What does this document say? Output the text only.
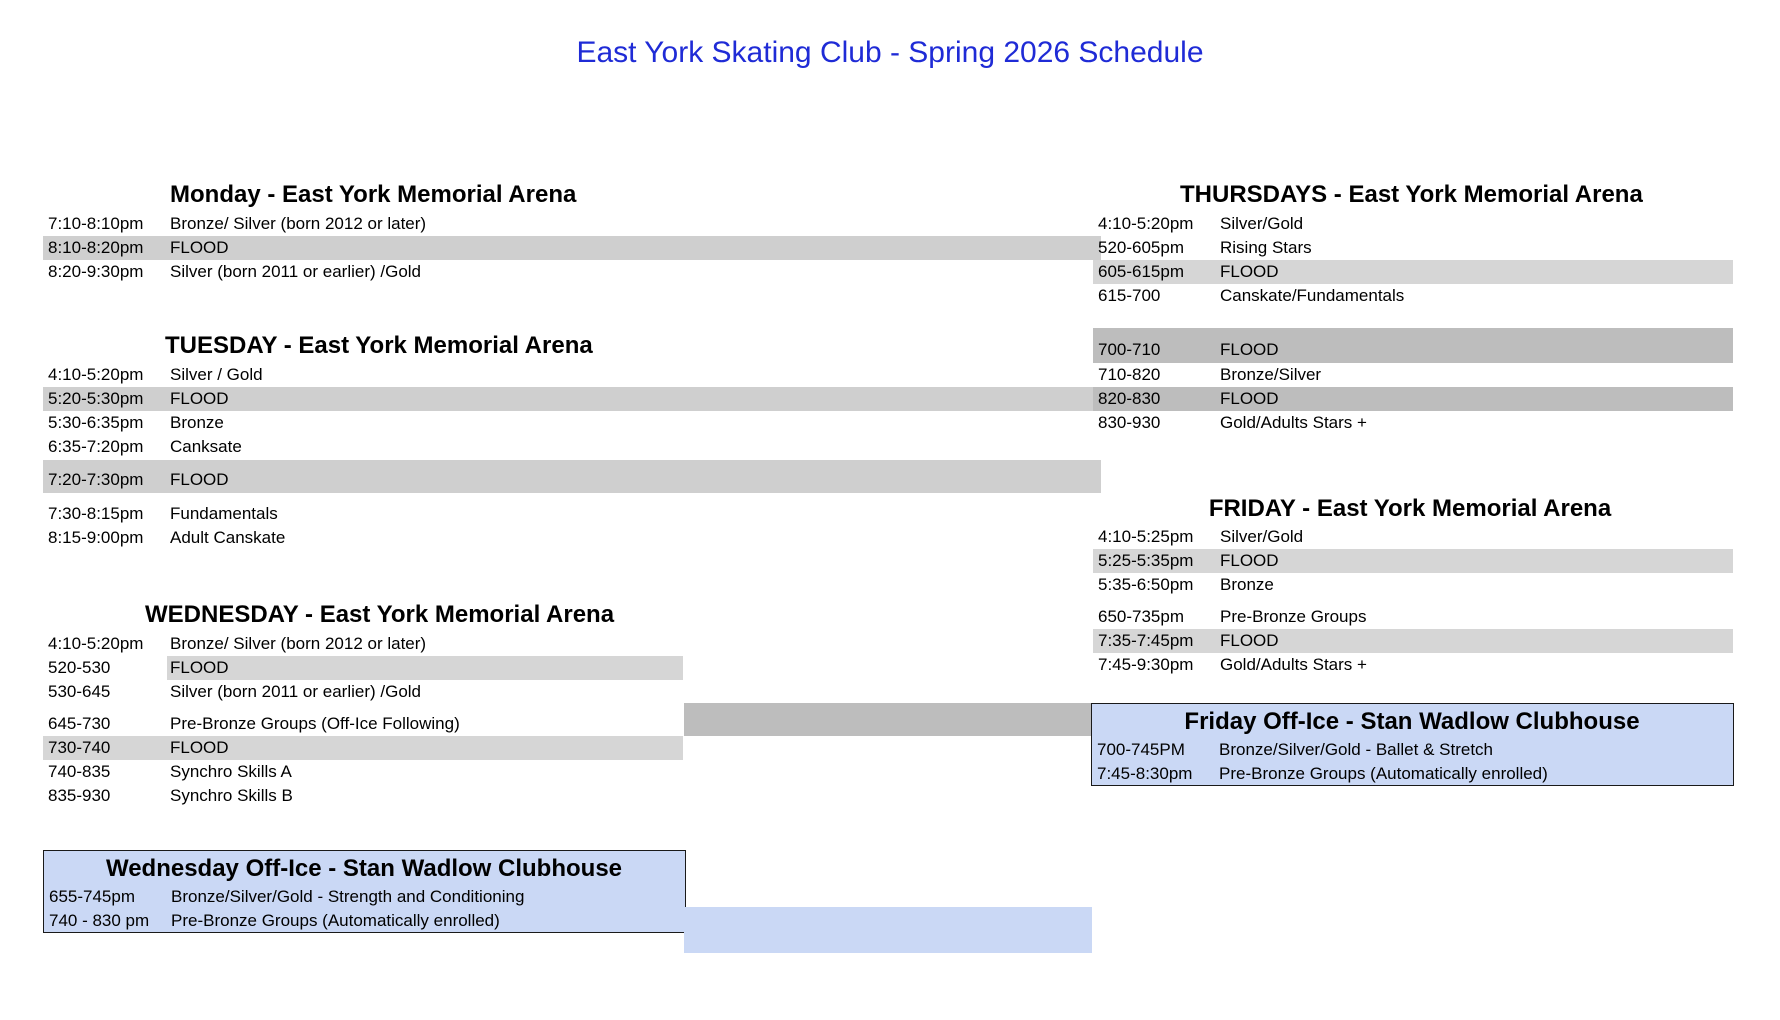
East York Skating Club - Spring 2026 Schedule
Monday - East York Memorial Arena
7:10-8:10pm Bronze/ Silver (born 2012 or later)
8:10-8:20pm FLOOD
8:20-9:30pm Silver (born 2011 or earlier) /Gold
TUESDAY - East York Memorial Arena
4:10-5:20pm Silver / Gold
5:20-5:30pm FLOOD
5:30-6:35pm Bronze
6:35-7:20pm Canksate
7:20-7:30pm FLOOD
7:30-8:15pm Fundamentals
8:15-9:00pm Adult Canskate
WEDNESDAY - East York Memorial Arena
4:10-5:20pm Bronze/ Silver (born 2012 or later)
520-530	FLOOD
530-645	Silver (born 2011 or earlier) /Gold
645-730	Pre-Bronze Groups (Off-Ice Following)
730-740	FLOOD
740-835	Synchro Skills A
835-930	Synchro Skills B
Wednesday Off-Ice - Stan Wadlow Clubhouse
655-745pm Bronze/Silver/Gold - Strength and Conditioning
740 - 830 pm Pre-Bronze Groups (Automatically enrolled)
THURSDAYS - East York Memorial Arena
4:10-5:20pm Silver/Gold
520-605pm Rising Stars
605-615pm FLOOD
615-700	Canskate/Fundamentals
700-710	FLOOD
710-820	Bronze/Silver
820-830	FLOOD
830-930	Gold/Adults Stars +
FRIDAY - East York Memorial Arena
4:10-5:25pm Silver/Gold
5:25-5:35pm FLOOD
5:35-6:50pm Bronze
650-735pm Pre-Bronze Groups
7:35-7:45pm FLOOD
7:45-9:30pm Gold/Adults Stars +
Friday Off-Ice - Stan Wadlow Clubhouse
700-745PM Bronze/Silver/Gold - Ballet & Stretch
7:45-8:30pm Pre-Bronze Groups (Automatically enrolled)
